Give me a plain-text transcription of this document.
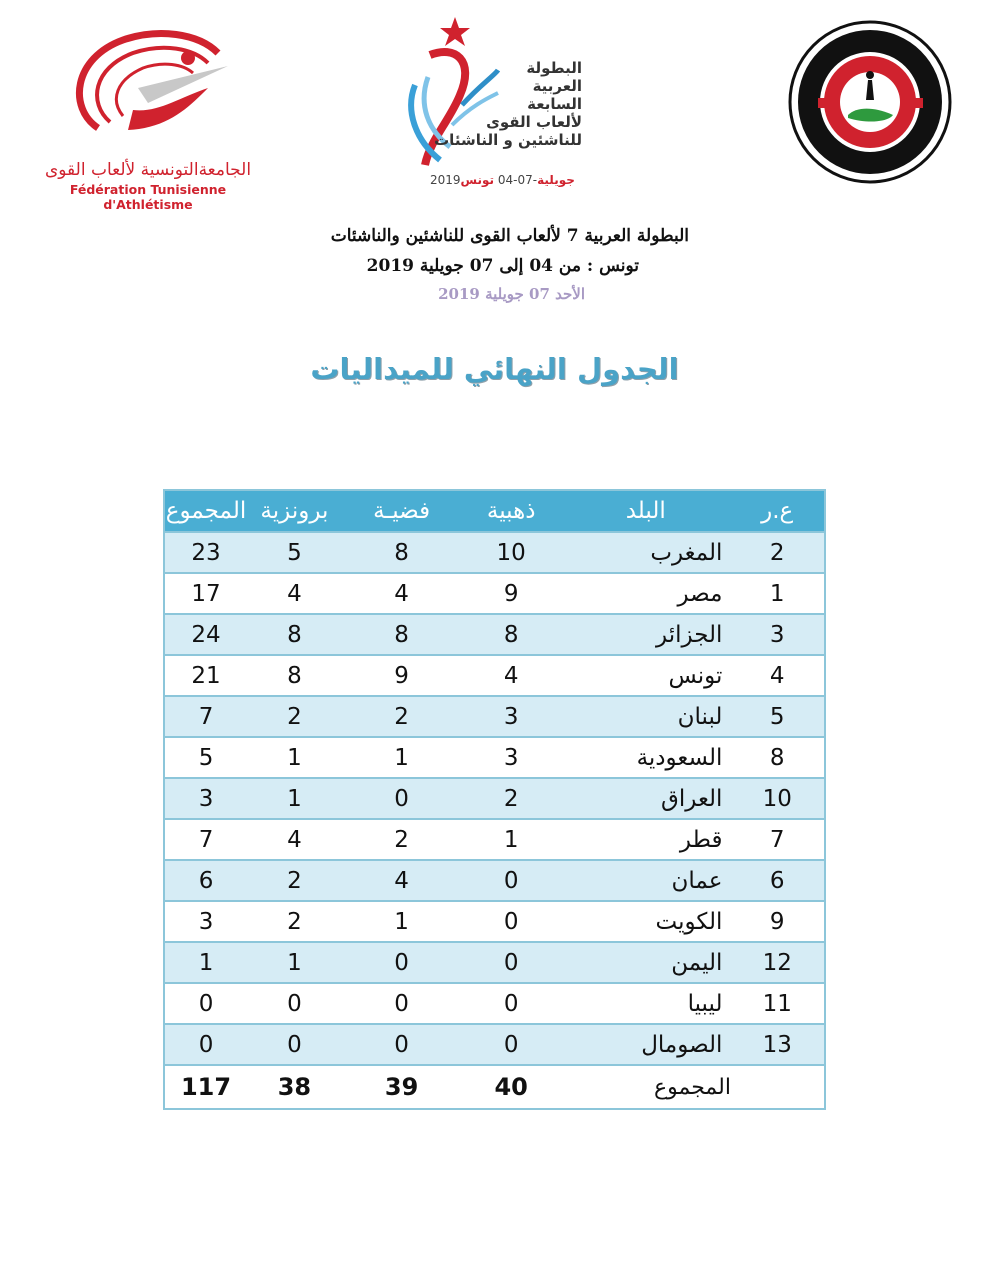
الجامعةالتونسية لألعاب القوى
Fédération Tunisienne d'Athlétisme
البطولة
العربية
السابعة
لألعاب القوى
للناشئين و الناشئات
2019	جويلية-07-04 تونس
البطولة العربية 7 لألعاب القوى للناشئين والناشئات
تونس : من 04 إلى 07 جويلية 2019
الأحد 07 جويلية 2019
الجدول النهائي للميداليات
ع.ر	البلد	ذهبية	فضيـة	برونزية	المجموع
2	المغرب	10	8	5	23
1	مصر	9	4	4	17
3	الجزائر	8	8	8	24
4	تونس	4	9	8	21
5	لبنان	3	2	2	7
8	السعودية	3	1	1	5
10	العراق	2	0	1	3
7	قطر	1	2	4	7
6	عمان	0	4	2	6
9	الكويت	0	1	2	3
12	اليمن	0	0	1	1
11	ليبيا	0	0	0	0
13	الصومال	0	0	0	0
المجموع		40	39	38	117
